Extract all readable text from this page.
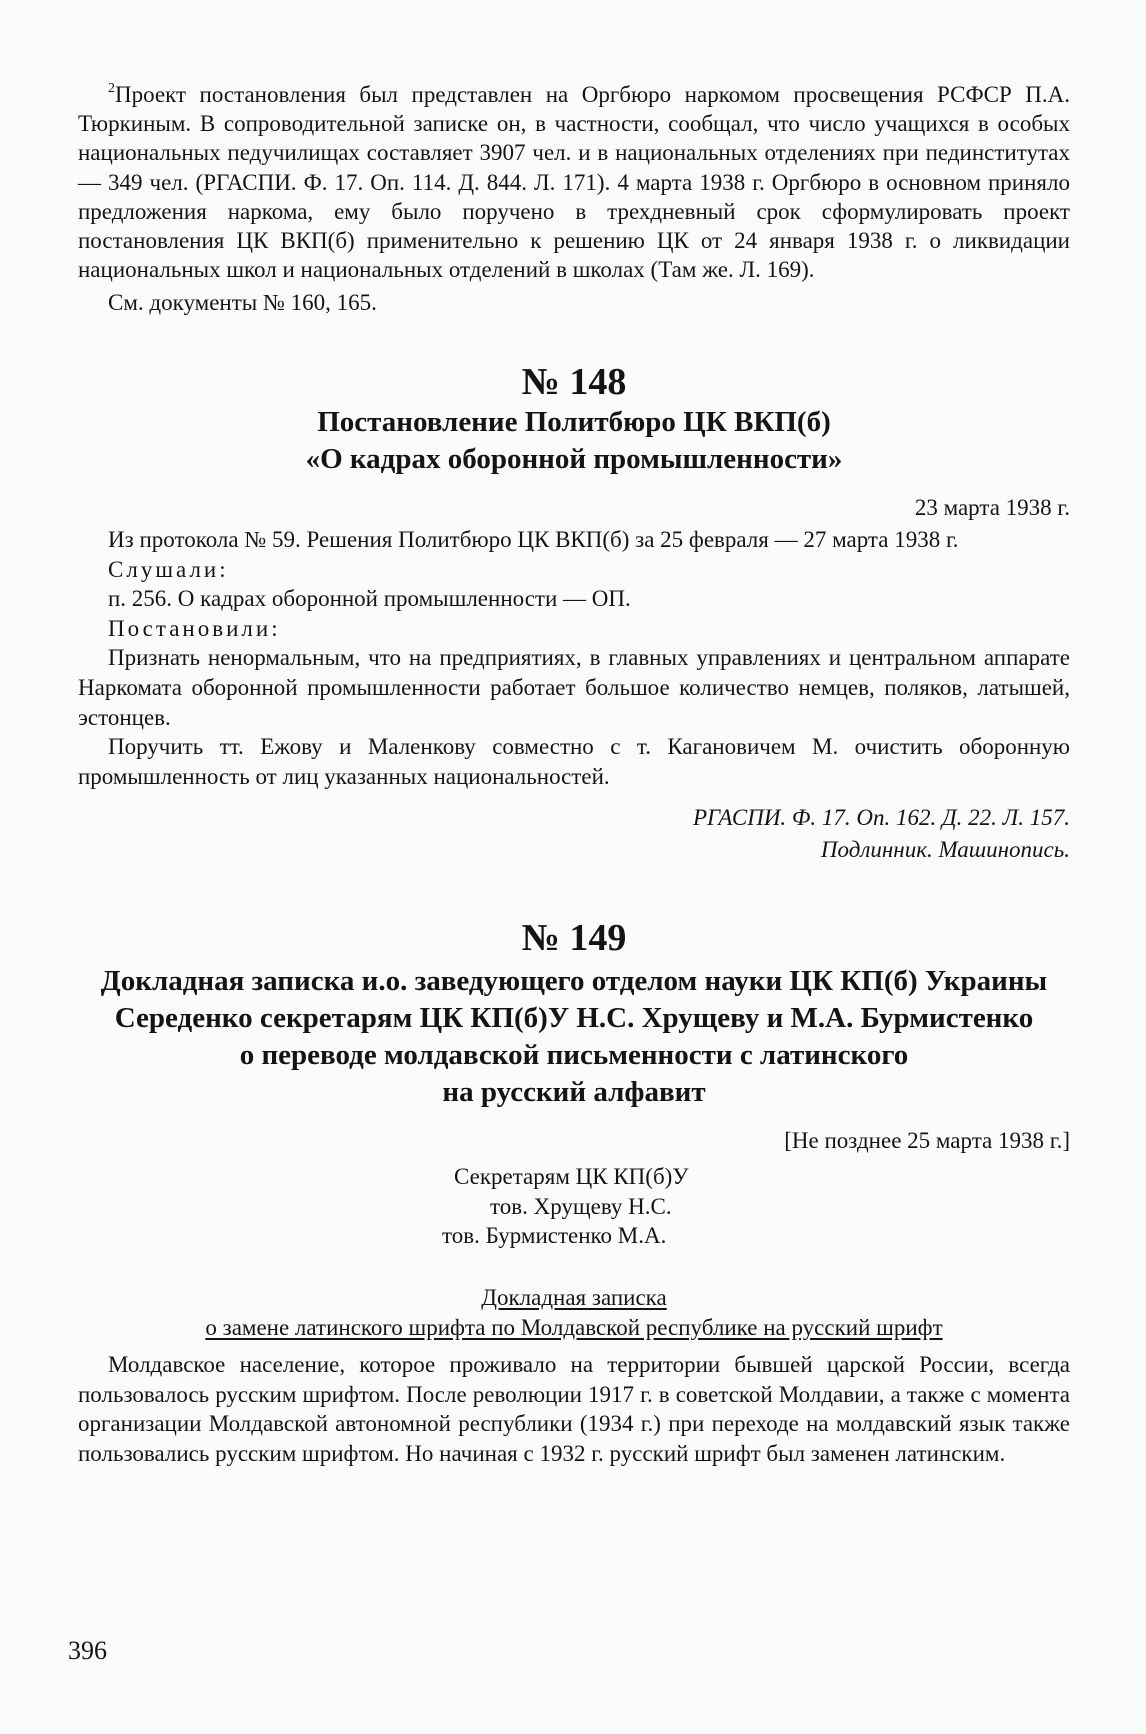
$^2$Проект постановления был представлен на Оргбюро наркомом просвещения РСФСР П.А. Тюркиным. В сопроводительной записке он, в частности, сообщал, что число учащихся в особых национальных педучилищах составляет 3907 чел. и в национальных отделениях при пединститутах — 349 чел. (РГАСПИ. Ф. 17. Оп. 114. Д. 844. Л. 171). 4 марта 1938 г. Оргбюро в основном приняло предложения наркома, ему было поручено в трехдневный срок сформулировать проект постановления ЦК ВКП(б) применительно к решению ЦК от 24 января 1938 г. о ликвидации национальных школ и национальных отделений в школах (Там же. Л. 169).

См. документы № 160, 165.

№ 148
Постановление Политбюро ЦК ВКП(б)
«О кадрах оборонной промышленности»
23 марта 1938 г.

Из протокола № 59. Решения Политбюро ЦК ВКП(б) за 25 февраля — 27 марта 1938 г.

Слушали:

п. 256. О кадрах оборонной промышленности — ОП.

Постановили:

Признать ненормальным, что на предприятиях, в главных управлениях и центральном аппарате Наркомата оборонной промышленности работает большое количество немцев, поляков, латышей, эстонцев.

Поручить тт. Ежову и Маленкову совместно с т. Кагановичем М. очистить оборонную промышленность от лиц указанных национальностей.

РГАСПИ. Ф. 17. Оп. 162. Д. 22. Л. 157.
Подлинник. Машинопись.
№ 149
Докладная записка и.о. заведующего отделом науки ЦК КП(б) Украины
Середенко секретарям ЦК КП(б)У Н.С. Хрущеву и М.А. Бурмистенко
о переводе молдавской письменности с латинского
на русский алфавит
[Не позднее 25 марта 1938 г.]
Секретарям ЦК КП(б)У
тов. Хрущеву Н.С.
тов. Бурмистенко М.А.
Докладная записка
о замене латинского шрифта по Молдавской республике на русский шрифт

Молдавское население, которое проживало на территории бывшей царской России, всегда пользовалось русским шрифтом. После революции 1917 г. в советской Молдавии, а также с момента организации Молдавской автономной республики (1934 г.) при переходе на молдавский язык также пользовались русским шрифтом. Но начиная с 1932 г. русский шрифт был заменен латинским.

396
